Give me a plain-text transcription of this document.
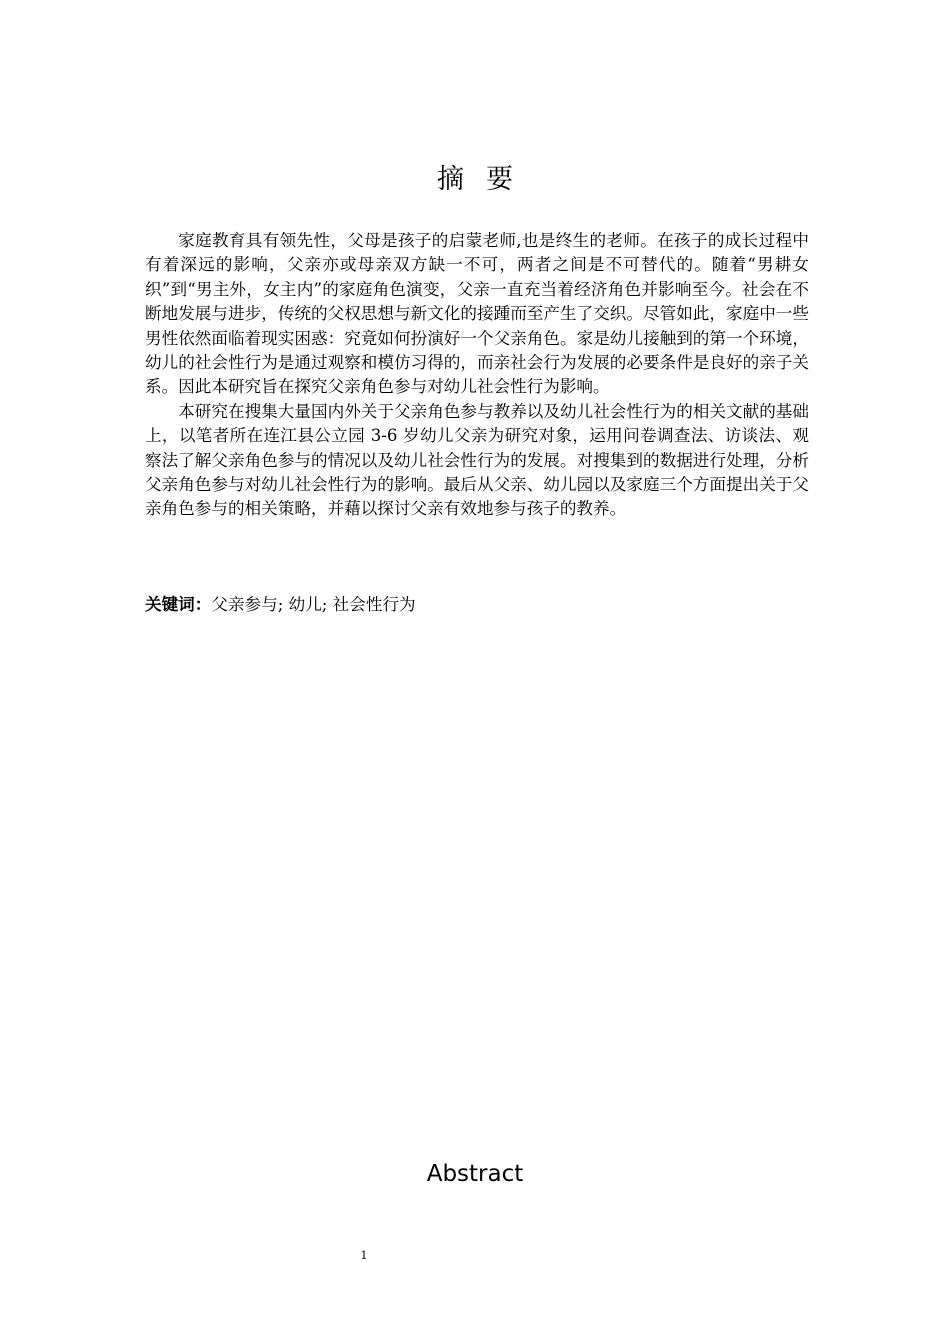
摘要

家庭教育具有领先性，父母是孩子的启蒙老师,也是终生的老师。在孩子的成长过程中有着深远的影响，父亲亦或母亲双方缺一不可，两者之间是不可替代的。随着“男耕女织”到“男主外，女主内”的家庭角色演变，父亲一直充当着经济角色并影响至今。社会在不断地发展与进步，传统的父权思想与新文化的接踵而至产生了交织。尽管如此，家庭中一些男性依然面临着现实困惑：究竟如何扮演好一个父亲角色。家是幼儿接触到的第一个环境，幼儿的社会性行为是通过观察和模仿习得的，而亲社会行为发展的必要条件是良好的亲子关系。因此本研究旨在探究父亲角色参与对幼儿社会性行为影响。

本研究在搜集大量国内外关于父亲角色参与教养以及幼儿社会性行为的相关文献的基础上，以笔者所在连江县公立园 3-6 岁幼儿父亲为研究对象，运用问卷调查法、访谈法、观察法了解父亲角色参与的情况以及幼儿社会性行为的发展。对搜集到的数据进行处理，分析父亲角色参与对幼儿社会性行为的影响。最后从父亲、幼儿园以及家庭三个方面提出关于父亲角色参与的相关策略，并藉以探讨父亲有效地参与孩子的教养。

关键词：父亲参与; 幼儿; 社会性行为
Abstract
1
